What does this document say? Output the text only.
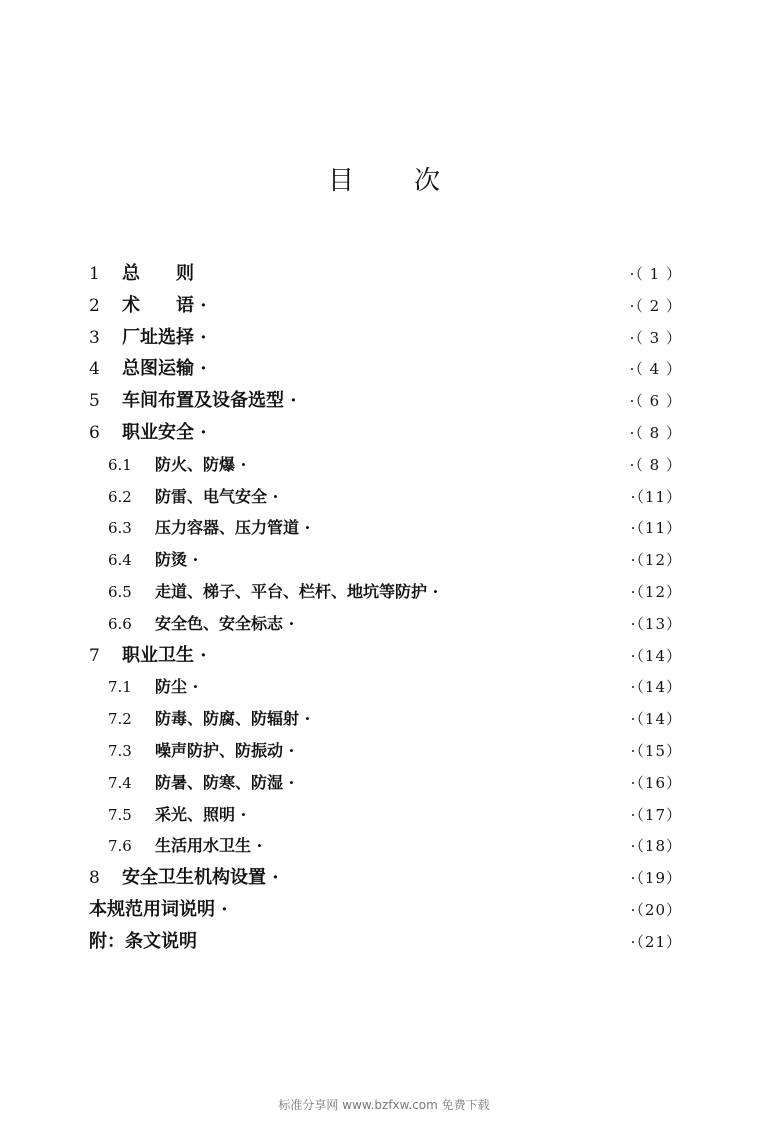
目 次
1 总　　则	·（ 1 ）
2 术　　语 ·	·（ 2 ）
3 厂址选择 ·	·（ 3 ）
4 总图运输 ·	·（ 4 ）
5 车间布置及设备选型 ·	·（ 6 ）
6 职业安全 ·	·（ 8 ）
6.1 防火、防爆 ·	·（ 8 ）
6.2 防雷、电气安全 ·	·（11）
6.3 压力容器、压力管道 ·	·（11）
6.4 防烫 ·	·（12）
6.5 走道、梯子、平台、栏杆、地坑等防护 ·	·（12）
6.6 安全色、安全标志 ·	·（13）
7 职业卫生 ·	·（14）
7.1 防尘 ·	·（14）
7.2 防毒、防腐、防辐射 ·	·（14）
7.3 噪声防护、防振动 ·	·（15）
7.4 防暑、防寒、防湿 ·	·（16）
7.5 采光、照明 ·	·（17）
7.6 生活用水卫生 ·	·（18）
8 安全卫生机构设置 ·	·（19）
本规范用词说明 ·	·（20）
附：条文说明	·（21）
标准分享网 www.bzfxw.com 免费下载
